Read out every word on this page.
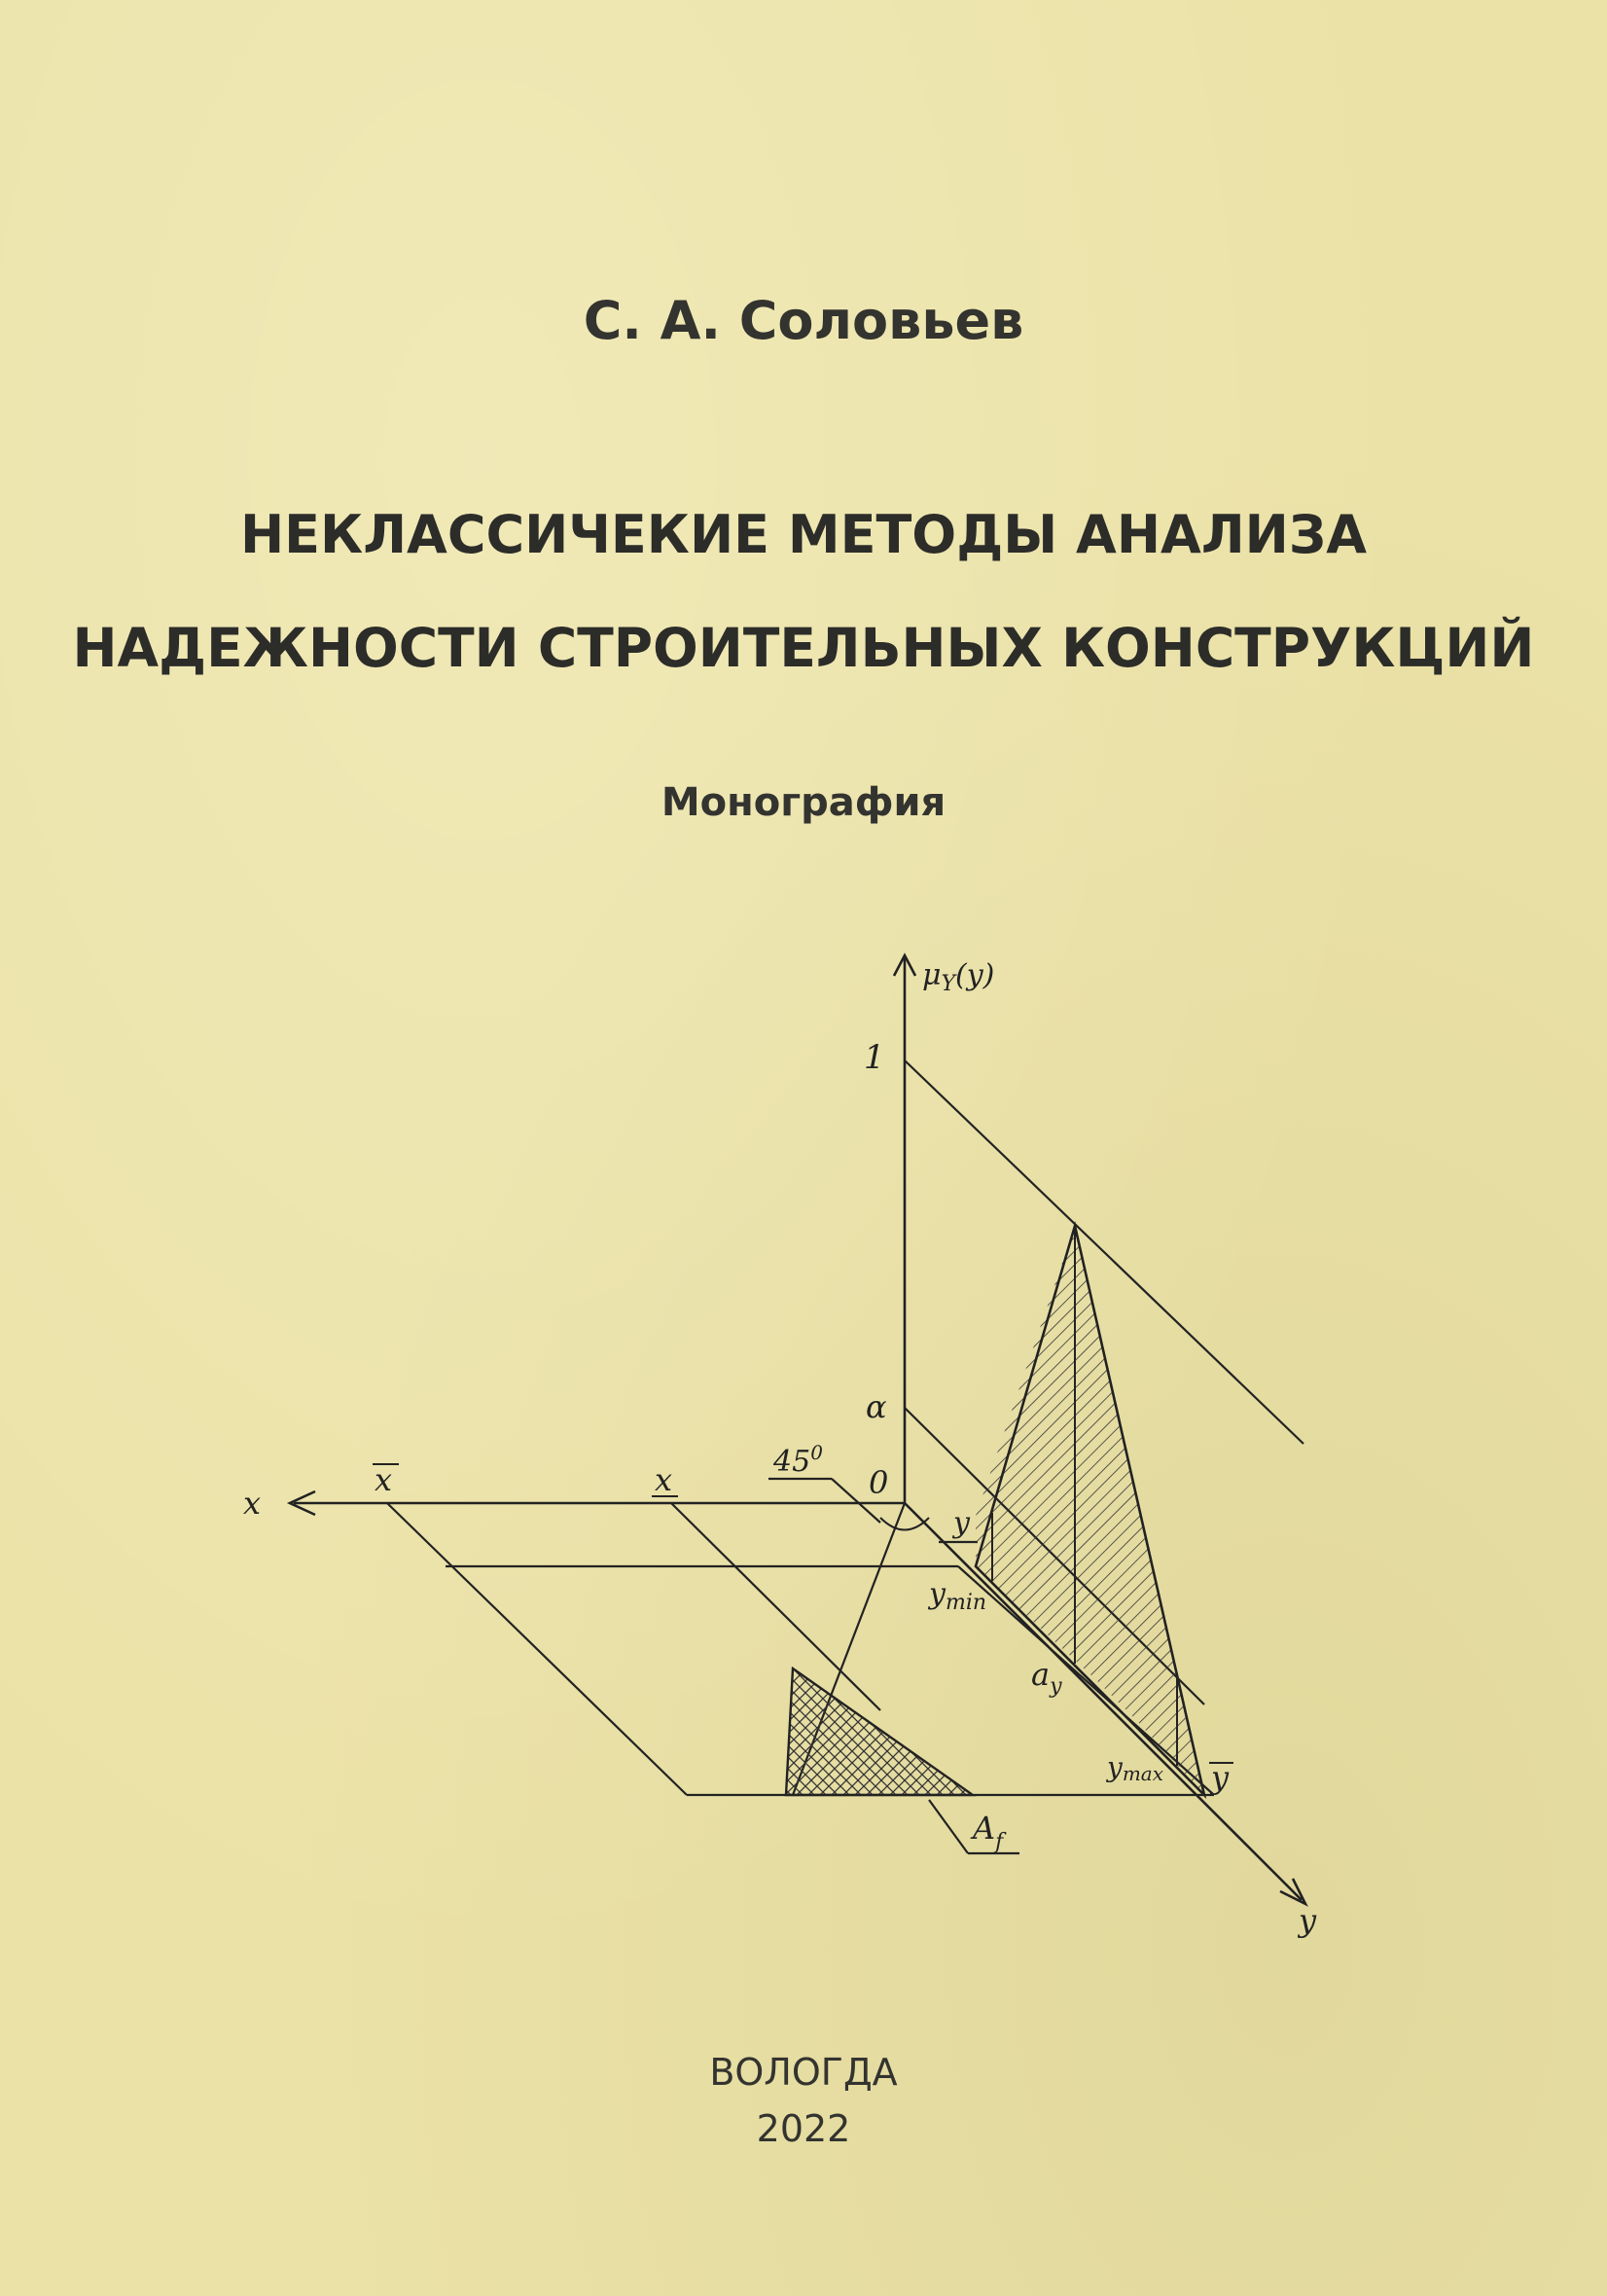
С. А. Соловьев
НЕКЛАССИЧЕКИЕ МЕТОДЫ АНАЛИЗА
НАДЕЖНОСТИ СТРОИТЕЛЬНЫХ КОНСТРУКЦИЙ
Монография
$\mu_Y(y)$
1
α
0
$45^0$
x
x	x
y
$y_{min}$
$a_y$
ymax y
y
$A_f$
ВОЛОГДА
2022
